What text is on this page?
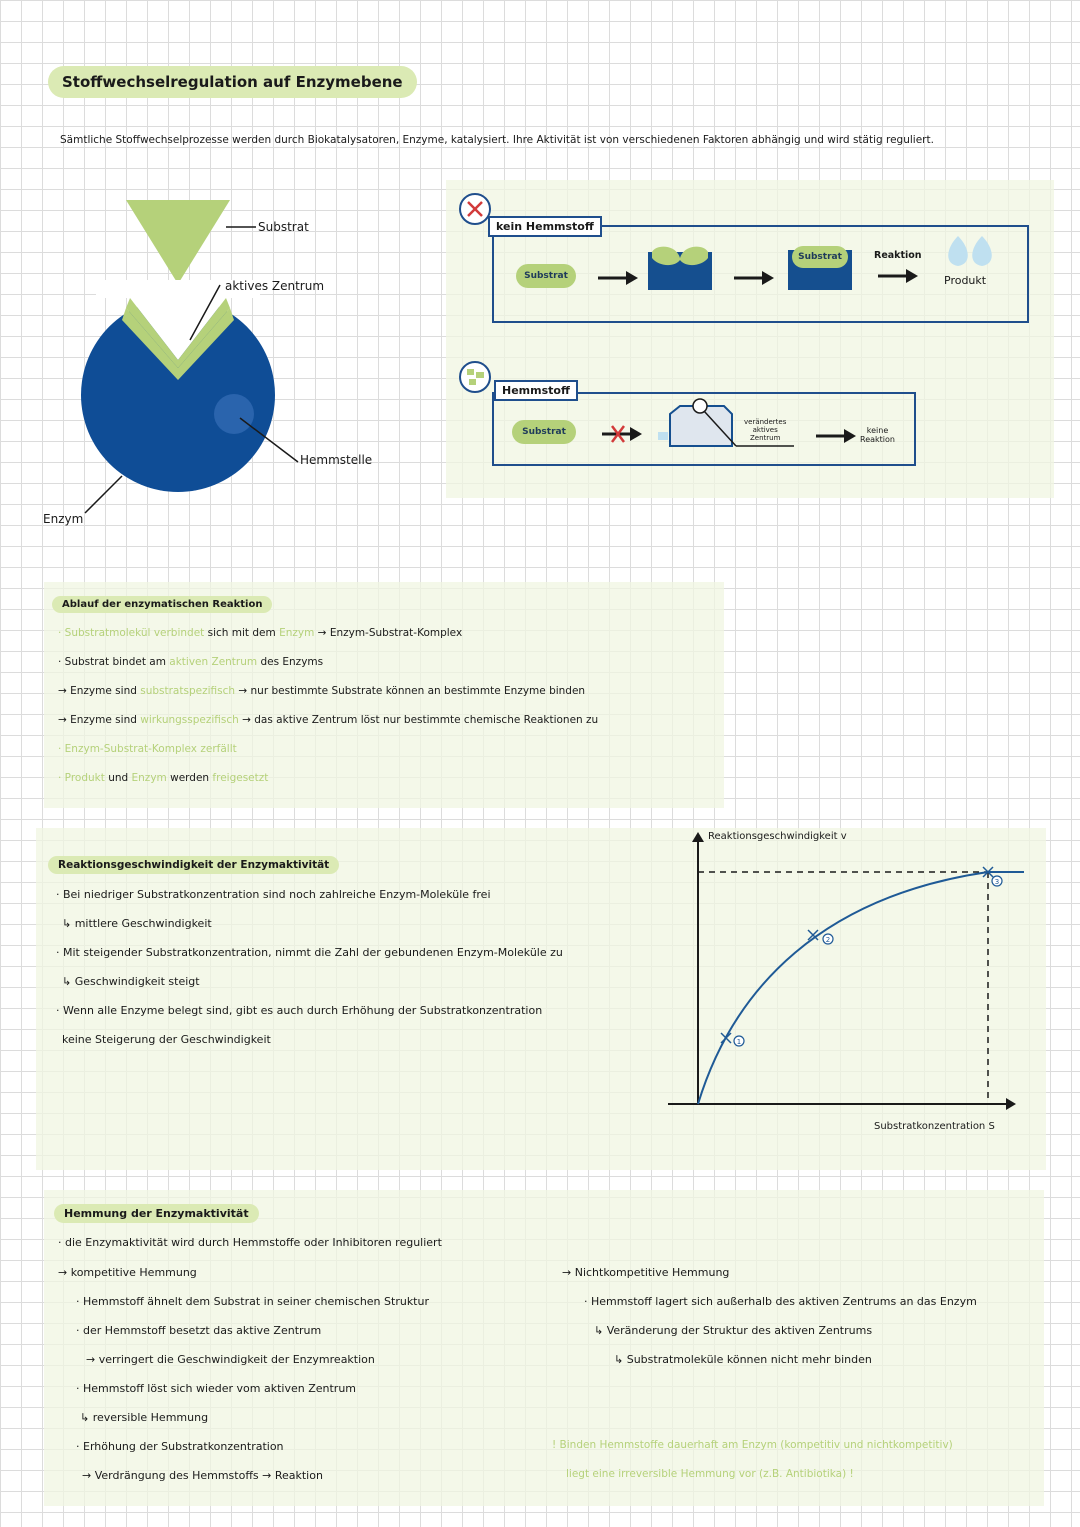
Stoffwechselregulation auf Enzymebene
Sämtliche Stoffwechselprozesse werden durch Biokatalysatoren, Enzyme, katalysiert. Ihre Aktivität ist von verschiedenen Faktoren abhängig und wird stätig reguliert.
Substrat
aktives Zentrum
Hemmstelle
Enzym
kein Hemmstoff
Substrat
Substrat	Reaktion
Produkt
Hemmstoff
Substrat
verändertes
aktives
Zentrum
keine
Reaktion
Ablauf der enzymatischen Reaktion
· Substratmolekül verbindet sich mit dem Enzym → Enzym-Substrat-Komplex
· Substrat bindet am aktiven Zentrum des Enzyms
→ Enzyme sind substratspezifisch → nur bestimmte Substrate können an bestimmte Enzyme binden
→ Enzyme sind wirkungsspezifisch → das aktive Zentrum löst nur bestimmte chemische Reaktionen zu
· Enzym-Substrat-Komplex zerfällt
· Produkt und Enzym werden freigesetzt
Reaktionsgeschwindigkeit der Enzymaktivität
· Bei niedriger Substratkonzentration sind noch zahlreiche Enzym-Moleküle frei
↳ mittlere Geschwindigkeit
· Mit steigender Substratkonzentration, nimmt die Zahl der gebundenen Enzym-Moleküle zu
↳ Geschwindigkeit steigt
· Wenn alle Enzyme belegt sind, gibt es auch durch Erhöhung der Substratkonzentration
keine Steigerung der Geschwindigkeit	1
2
3
Reaktionsgeschwindigkeit v
Substratkonzentration S
Hemmung der Enzymaktivität
· die Enzymaktivität wird durch Hemmstoffe oder Inhibitoren reguliert
→ kompetitive Hemmung
· Hemmstoff ähnelt dem Substrat in seiner chemischen Struktur
· der Hemmstoff besetzt das aktive Zentrum
→ verringert die Geschwindigkeit der Enzymreaktion
· Hemmstoff löst sich wieder vom aktiven Zentrum
↳ reversible Hemmung
· Erhöhung der Substratkonzentration
→ Verdrängung des Hemmstoffs → Reaktion
→ Nichtkompetitive Hemmung
· Hemmstoff lagert sich außerhalb des aktiven Zentrums an das Enzym
↳ Veränderung der Struktur des aktiven Zentrums
↳ Substratmoleküle können nicht mehr binden
! Binden Hemmstoffe dauerhaft am Enzym (kompetitiv und nichtkompetitiv)
liegt eine irreversible Hemmung vor (z.B. Antibiotika) !
